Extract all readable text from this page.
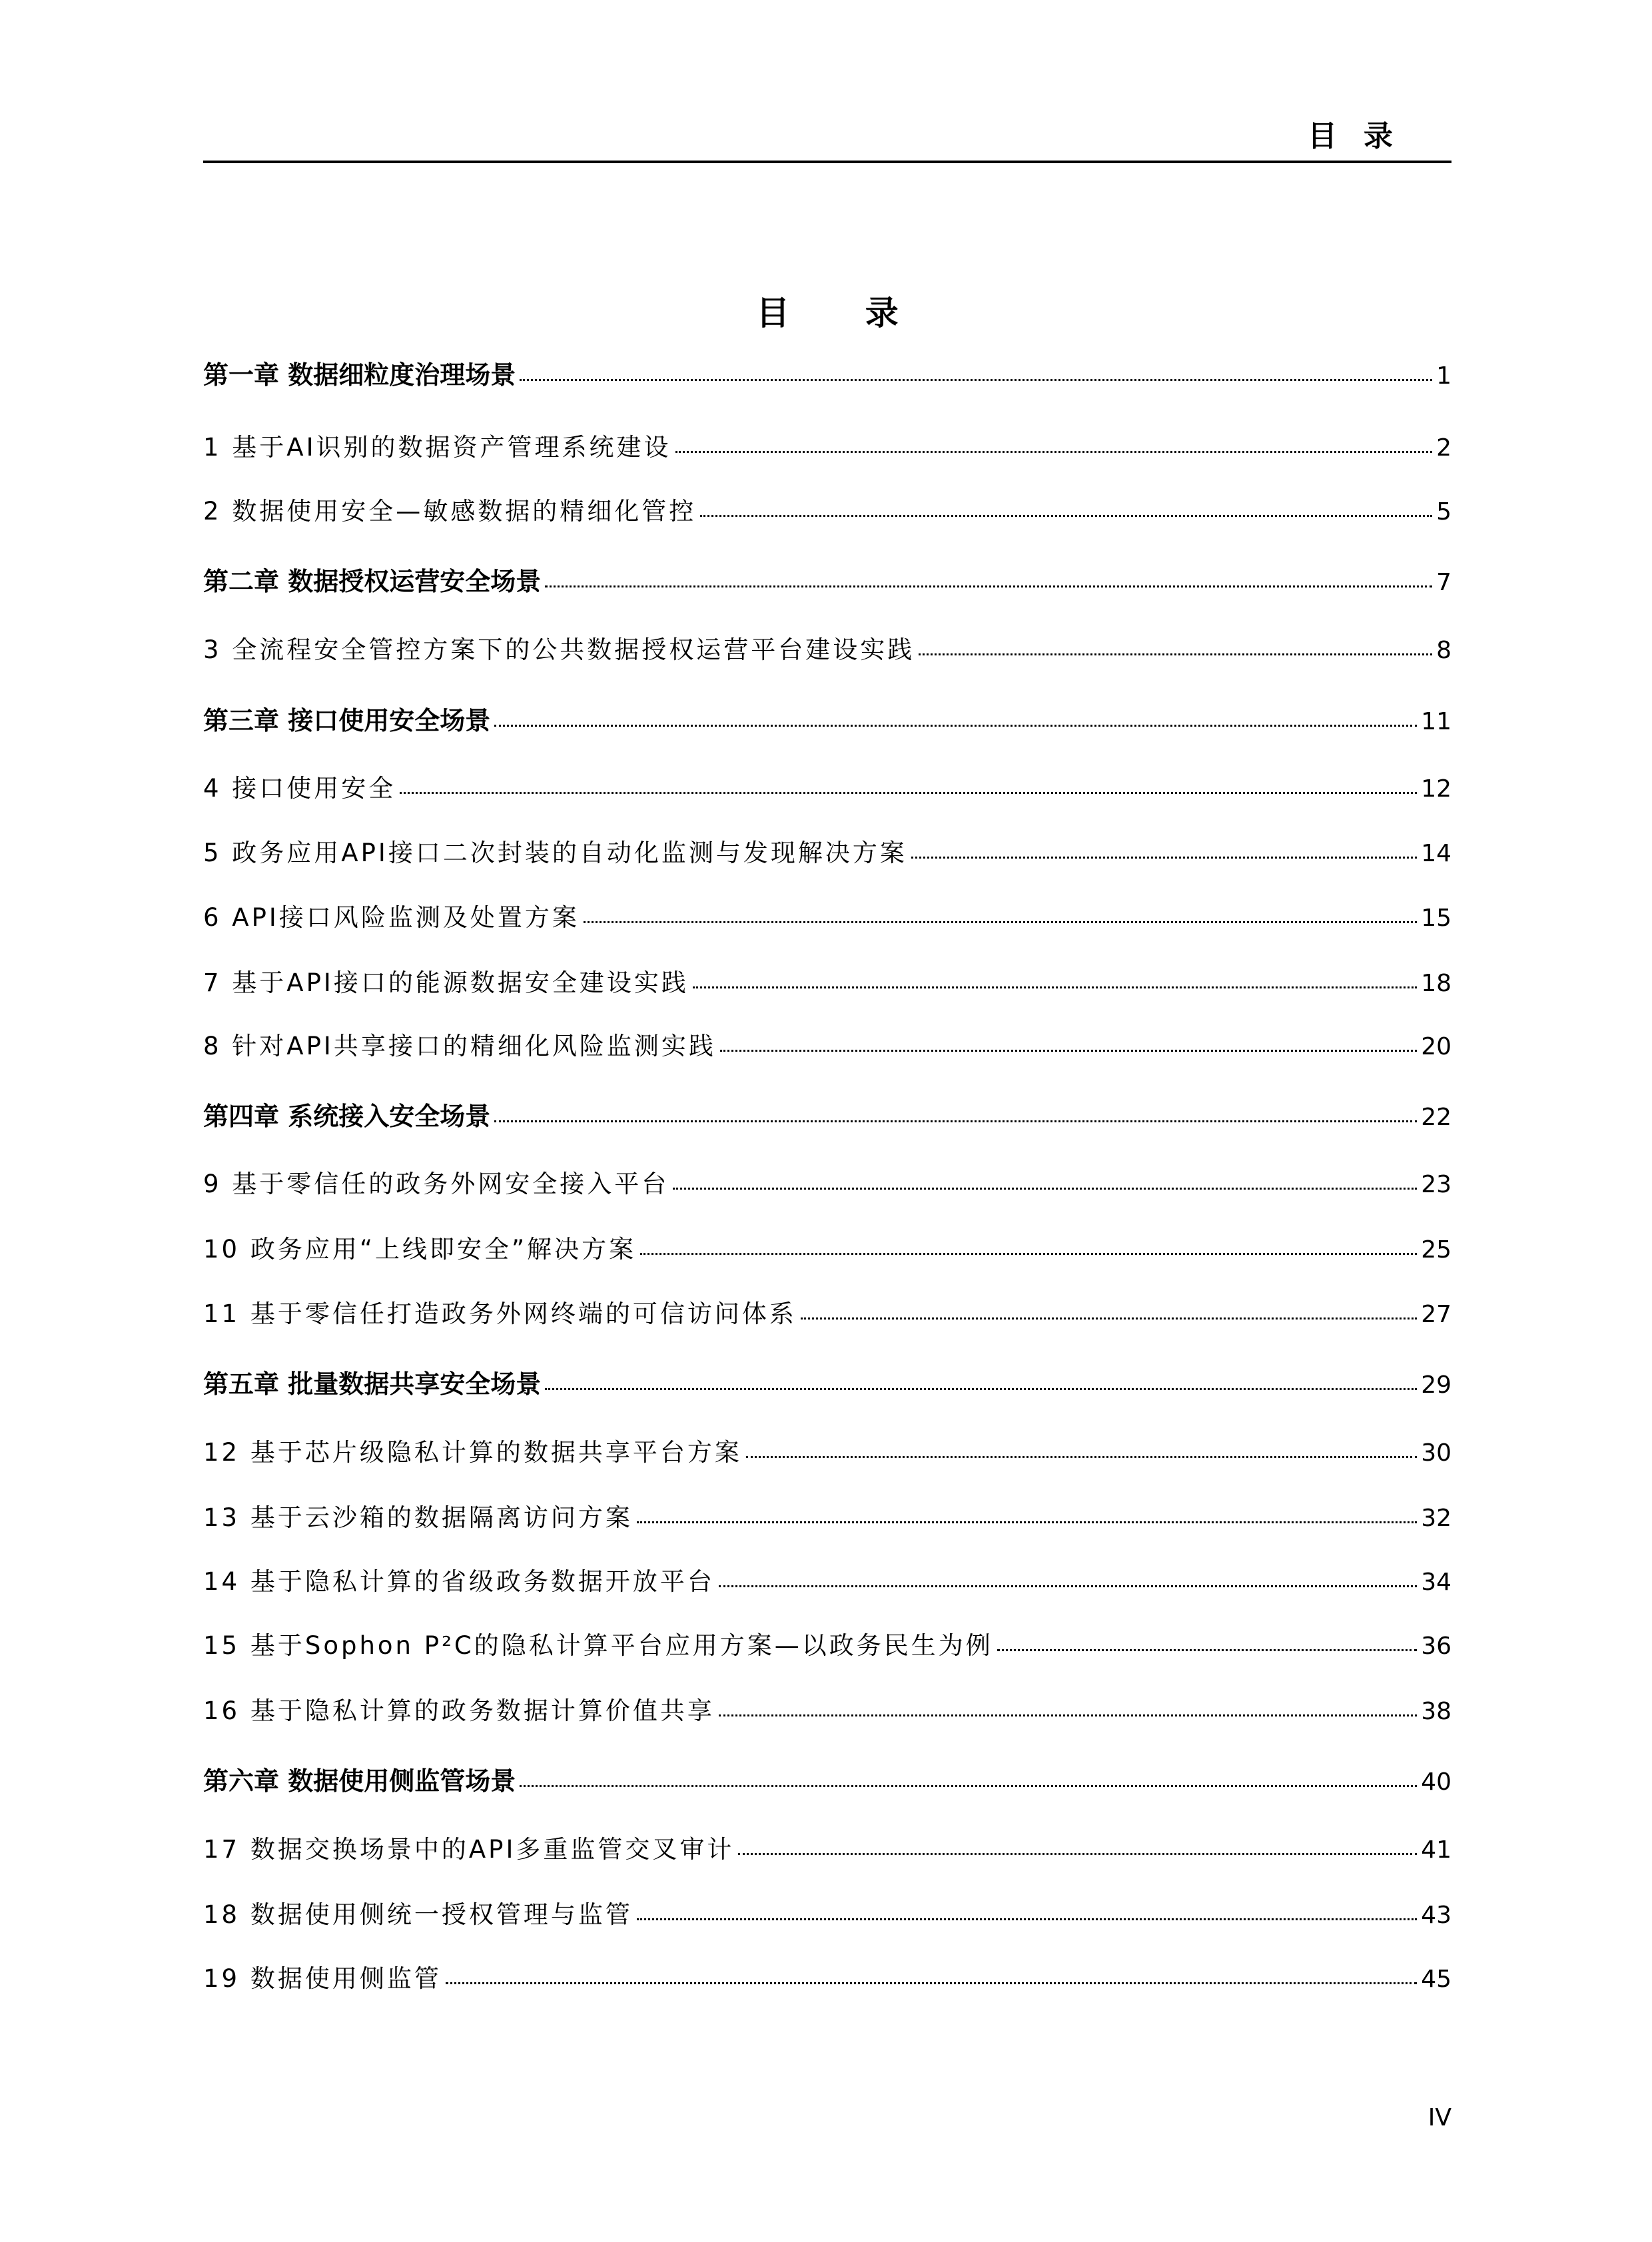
目录
目 录
第一章 数据细粒度治理场景	1
1 基于AI识别的数据资产管理系统建设	2
2 数据使用安全—敏感数据的精细化管控	5
第二章 数据授权运营安全场景	7
3 全流程安全管控方案下的公共数据授权运营平台建设实践	8
第三章 接口使用安全场景	11
4 接口使用安全	12
5 政务应用API接口二次封装的自动化监测与发现解决方案	14
6 API接口风险监测及处置方案	15
7 基于API接口的能源数据安全建设实践	18
8 针对API共享接口的精细化风险监测实践	20
第四章 系统接入安全场景	22
9 基于零信任的政务外网安全接入平台	23
10 政务应用“上线即安全”解决方案	25
11 基于零信任打造政务外网终端的可信访问体系	27
第五章 批量数据共享安全场景	29
12 基于芯片级隐私计算的数据共享平台方案	30
13 基于云沙箱的数据隔离访问方案	32
14 基于隐私计算的省级政务数据开放平台	34
15 基于Sophon P²C的隐私计算平台应用方案—以政务民生为例	36
16 基于隐私计算的政务数据计算价值共享	38
第六章 数据使用侧监管场景	40
17 数据交换场景中的API多重监管交叉审计	41
18 数据使用侧统一授权管理与监管	43
19 数据使用侧监管	45
IV
